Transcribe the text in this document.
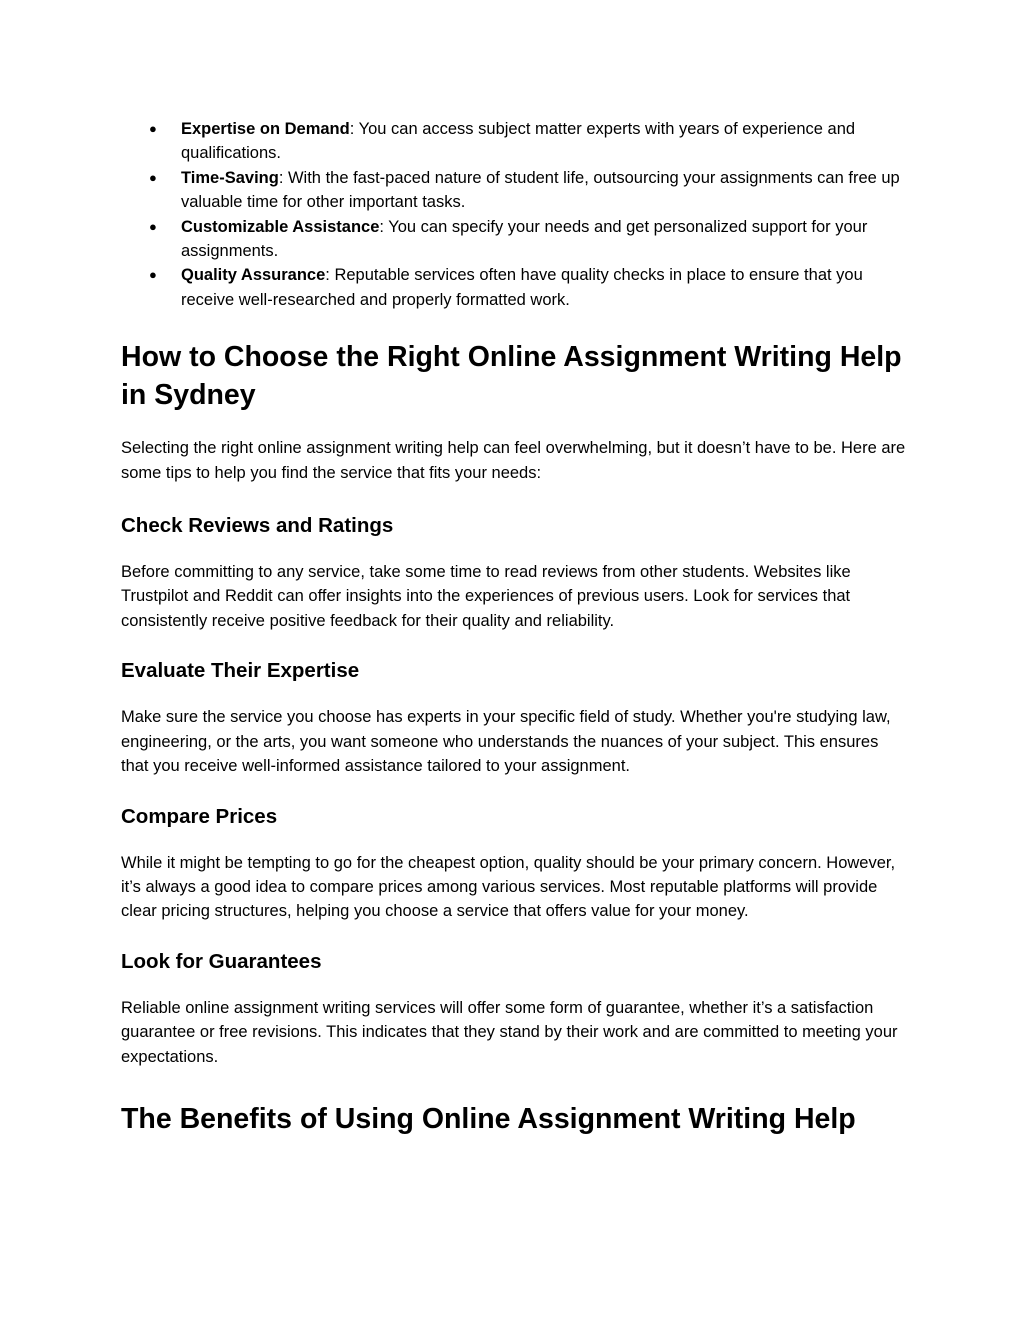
● Expertise on Demand: You can access subject matter experts with years of experience and qualifications.
● Time-Saving: With the fast-paced nature of student life, outsourcing your assignments can free up valuable time for other important tasks.
● Customizable Assistance: You can specify your needs and get personalized support for your assignments.
● Quality Assurance: Reputable services often have quality checks in place to ensure that you receive well-researched and properly formatted work.
How to Choose the Right Online Assignment Writing Help in Sydney

Selecting the right online assignment writing help can feel overwhelming, but it doesn’t have to be. Here are some tips to help you find the service that fits your needs:

Check Reviews and Ratings

Before committing to any service, take some time to read reviews from other students. Websites like Trustpilot and Reddit can offer insights into the experiences of previous users. Look for services that consistently receive positive feedback for their quality and reliability.

Evaluate Their Expertise

Make sure the service you choose has experts in your specific field of study. Whether you're studying law, engineering, or the arts, you want someone who understands the nuances of your subject. This ensures that you receive well-informed assistance tailored to your assignment.

Compare Prices

While it might be tempting to go for the cheapest option, quality should be your primary concern. However, it’s always a good idea to compare prices among various services. Most reputable platforms will provide clear pricing structures, helping you choose a service that offers value for your money.

Look for Guarantees

Reliable online assignment writing services will offer some form of guarantee, whether it’s a satisfaction guarantee or free revisions. This indicates that they stand by their work and are committed to meeting your expectations.

The Benefits of Using Online Assignment Writing Help
